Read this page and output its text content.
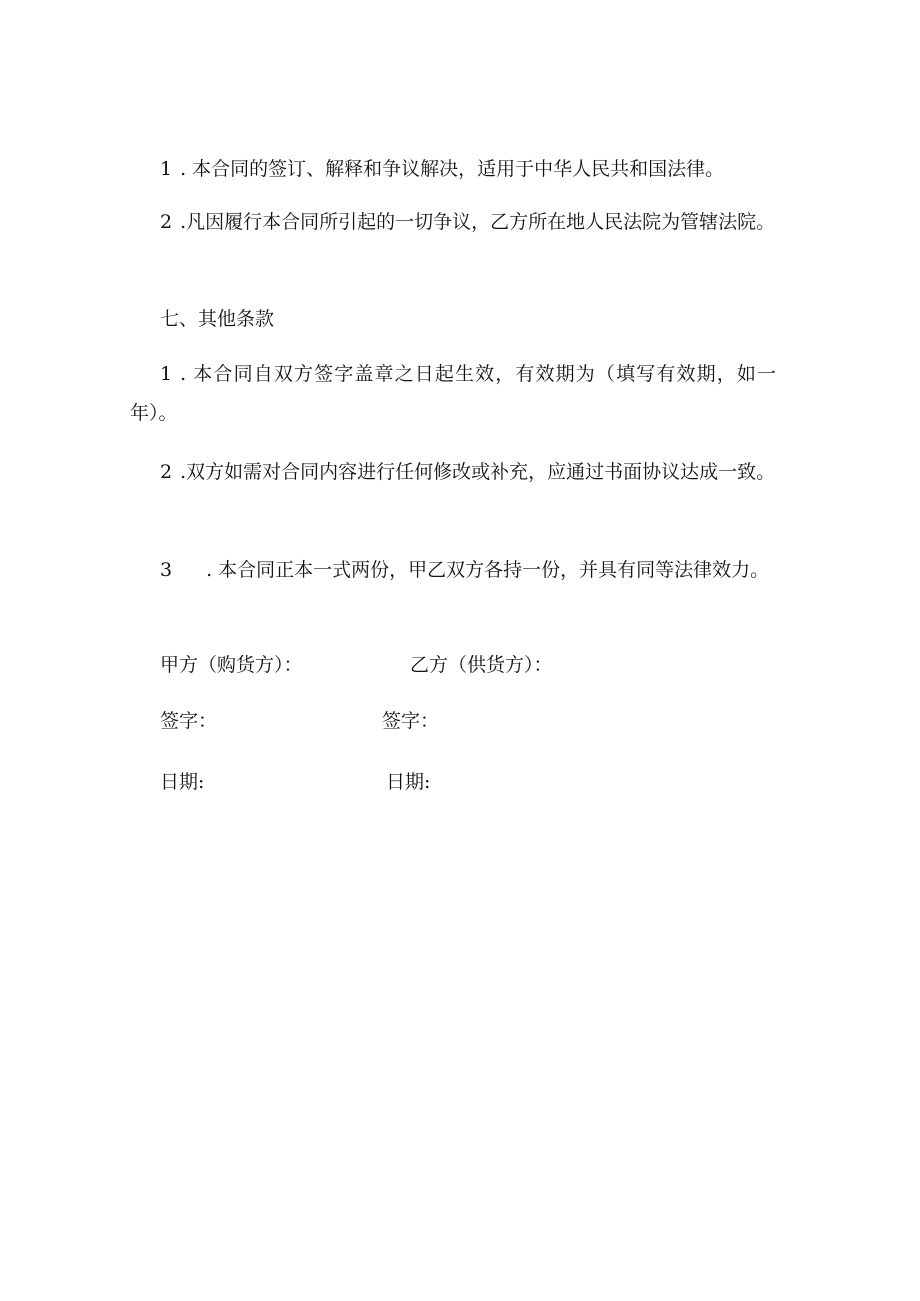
1 . 本合同的签订、解释和争议解决，适用于中华人民共和国法律。

2 .凡因履行本合同所引起的一切争议，乙方所在地人民法院为管辖法院。

七、其他条款

1 . 本合同自双方签字盖章之日起生效，有效期为（填写有效期，如一年）。

2 .双方如需对合同内容进行任何修改或补充，应通过书面协议达成一致。

3 . 本合同正本一式两份，甲乙双方各持一份，并具有同等法律效力。

甲方（购货方）：	乙方（供货方）：

签字：	签字：

日期:	日期:
